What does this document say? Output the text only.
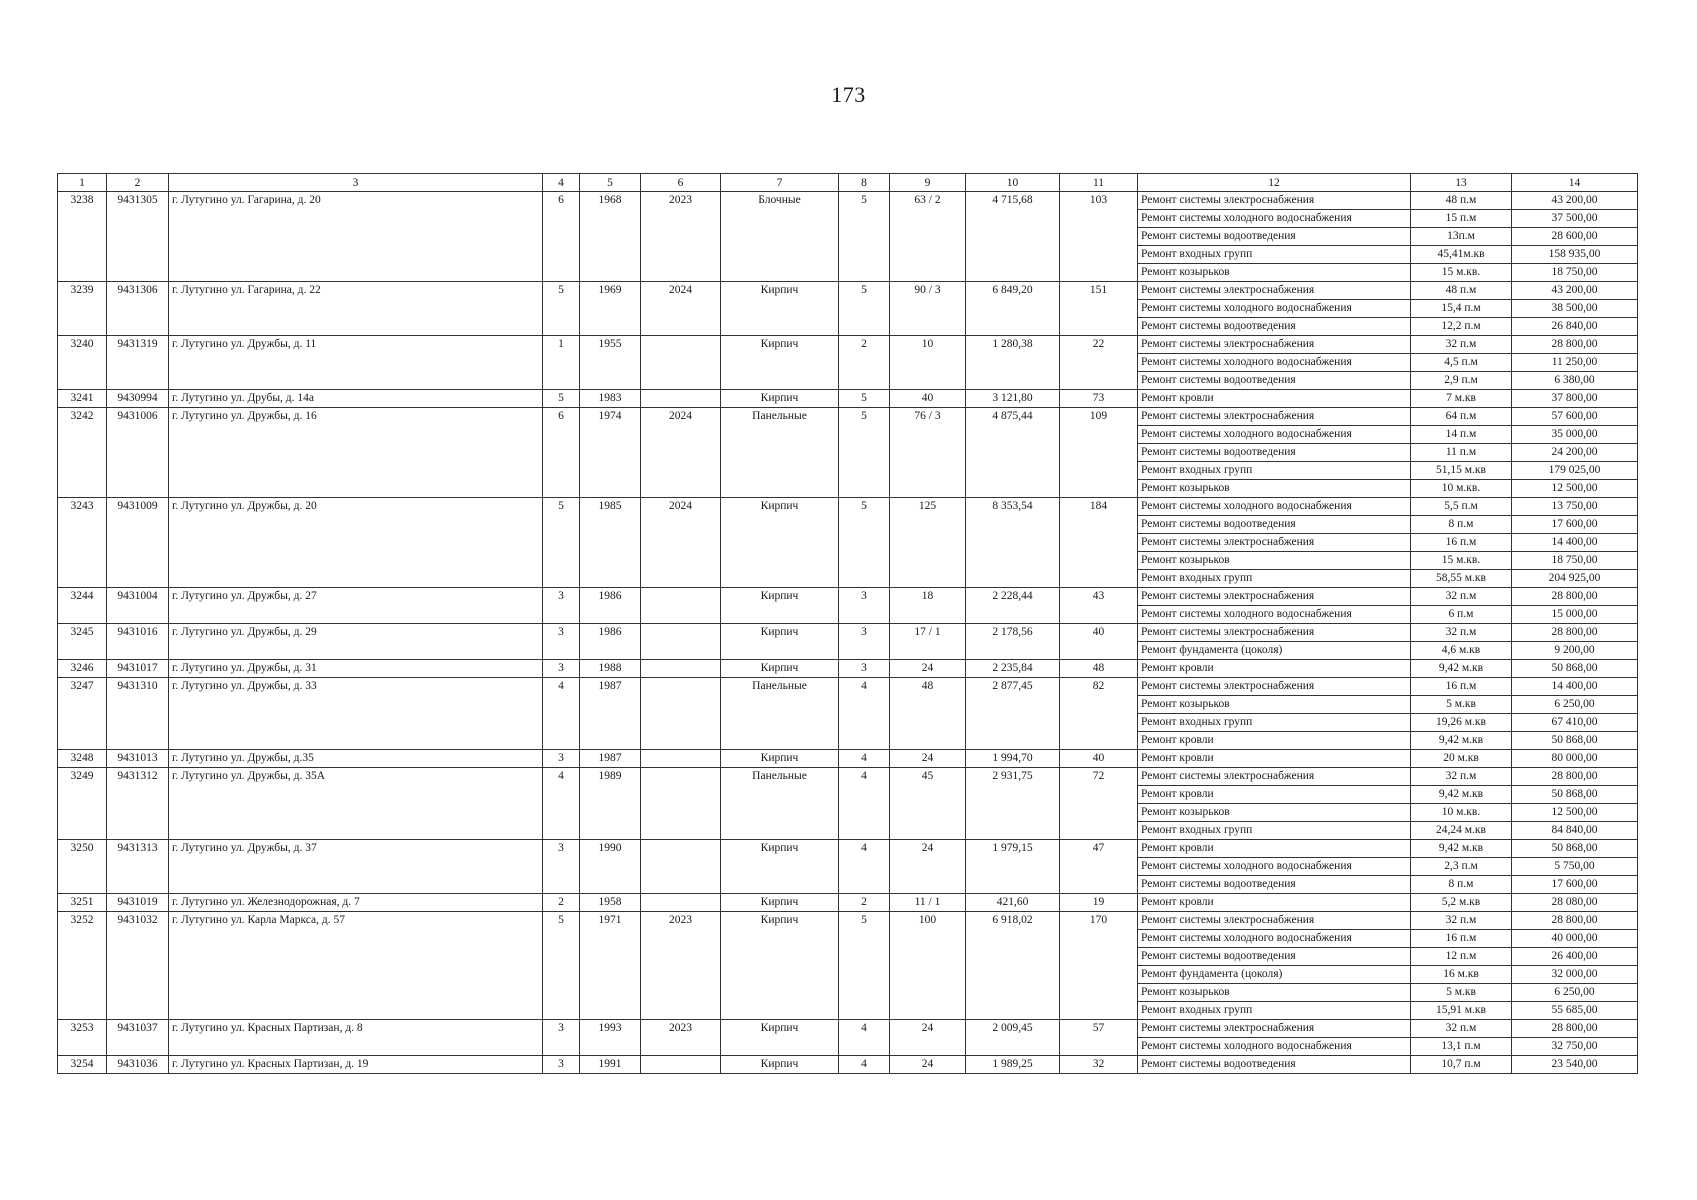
173
1	2	3	4	5	6	7	8	9	10	11	12	13	14
3238	9431305	г. Лутугино ул. Гагарина, д. 20	6	1968	2023	Блочные	5	63 / 2	4 715,68	103	Ремонт системы электроснабжения	48 п.м	43 200,00
											Ремонт системы холодного водоснабжения	15 п.м	37 500,00
											Ремонт системы водоотведения	13п.м	28 600,00
											Ремонт входных групп	45,41м.кв	158 935,00
											Ремонт козырьков	15 м.кв.	18 750,00
3239	9431306	г. Лутугино ул. Гагарина, д. 22	5	1969	2024	Кирпич	5	90 / 3	6 849,20	151	Ремонт системы электроснабжения	48 п.м	43 200,00
											Ремонт системы холодного водоснабжения	15,4 п.м	38 500,00
											Ремонт системы водоотведения	12,2 п.м	26 840,00
3240	9431319	г. Лутугино ул. Дружбы, д. 11	1	1955		Кирпич	2	10	1 280,38	22	Ремонт системы электроснабжения	32 п.м	28 800,00
											Ремонт системы холодного водоснабжения	4,5 п.м	11 250,00
											Ремонт системы водоотведения	2,9 п.м	6 380,00
3241	9430994	г. Лутугино ул. Друбы, д. 14а	5	1983		Кирпич	5	40	3 121,80	73	Ремонт кровли	7 м.кв	37 800,00
3242	9431006	г. Лутугино ул. Дружбы, д. 16	6	1974	2024	Панельные	5	76 / 3	4 875,44	109	Ремонт системы электроснабжения	64 п.м	57 600,00
											Ремонт системы холодного водоснабжения	14 п.м	35 000,00
											Ремонт системы водоотведения	11 п.м	24 200,00
											Ремонт входных групп	51,15 м.кв	179 025,00
											Ремонт козырьков	10 м.кв.	12 500,00
3243	9431009	г. Лутугино ул. Дружбы, д. 20	5	1985	2024	Кирпич	5	125	8 353,54	184	Ремонт системы холодного водоснабжения	5,5 п.м	13 750,00
											Ремонт системы водоотведения	8 п.м	17 600,00
											Ремонт системы электроснабжения	16 п.м	14 400,00
											Ремонт козырьков	15 м.кв.	18 750,00
											Ремонт входных групп	58,55 м.кв	204 925,00
3244	9431004	г. Лутугино ул. Дружбы, д. 27	3	1986		Кирпич	3	18	2 228,44	43	Ремонт системы электроснабжения	32 п.м	28 800,00
											Ремонт системы холодного водоснабжения	6 п.м	15 000,00
3245	9431016	г. Лутугино ул. Дружбы, д. 29	3	1986		Кирпич	3	17 / 1	2 178,56	40	Ремонт системы электроснабжения	32 п.м	28 800,00
											Ремонт фундамента (цоколя)	4,6 м.кв	9 200,00
3246	9431017	г. Лутугино ул. Дружбы, д. 31	3	1988		Кирпич	3	24	2 235,84	48	Ремонт кровли	9,42 м.кв	50 868,00
3247	9431310	г. Лутугино ул. Дружбы, д. 33	4	1987		Панельные	4	48	2 877,45	82	Ремонт системы электроснабжения	16 п.м	14 400,00
											Ремонт козырьков	5 м.кв	6 250,00
											Ремонт входных групп	19,26 м.кв	67 410,00
											Ремонт кровли	9,42 м.кв	50 868,00
3248	9431013	г. Лутугино ул. Дружбы, д.35	3	1987		Кирпич	4	24	1 994,70	40	Ремонт кровли	20 м.кв	80 000,00
3249	9431312	г. Лутугино ул. Дружбы, д. 35А	4	1989		Панельные	4	45	2 931,75	72	Ремонт системы электроснабжения	32 п.м	28 800,00
											Ремонт кровли	9,42 м.кв	50 868,00
											Ремонт козырьков	10 м.кв.	12 500,00
											Ремонт входных групп	24,24 м.кв	84 840,00
3250	9431313	г. Лутугино ул. Дружбы, д. 37	3	1990		Кирпич	4	24	1 979,15	47	Ремонт кровли	9,42 м.кв	50 868,00
											Ремонт системы холодного водоснабжения	2,3 п.м	5 750,00
											Ремонт системы водоотведения	8 п.м	17 600,00
3251	9431019	г. Лутугино ул. Железнодорожная, д. 7	2	1958		Кирпич	2	11 / 1	421,60	19	Ремонт кровли	5,2 м.кв	28 080,00
3252	9431032	г. Лутугино ул. Карла Маркса, д. 57	5	1971	2023	Кирпич	5	100	6 918,02	170	Ремонт системы электроснабжения	32 п.м	28 800,00
											Ремонт системы холодного водоснабжения	16 п.м	40 000,00
											Ремонт системы водоотведения	12 п.м	26 400,00
											Ремонт фундамента (цоколя)	16 м.кв	32 000,00
											Ремонт козырьков	5 м.кв	6 250,00
											Ремонт входных групп	15,91 м.кв	55 685,00
3253	9431037	г. Лутугино ул. Красных Партизан, д. 8	3	1993	2023	Кирпич	4	24	2 009,45	57	Ремонт системы электроснабжения	32 п.м	28 800,00
											Ремонт системы холодного водоснабжения	13,1 п.м	32 750,00
3254	9431036	г. Лутугино ул. Красных Партизан, д. 19	3	1991		Кирпич	4	24	1 989,25	32	Ремонт системы водоотведения	10,7 п.м	23 540,00
